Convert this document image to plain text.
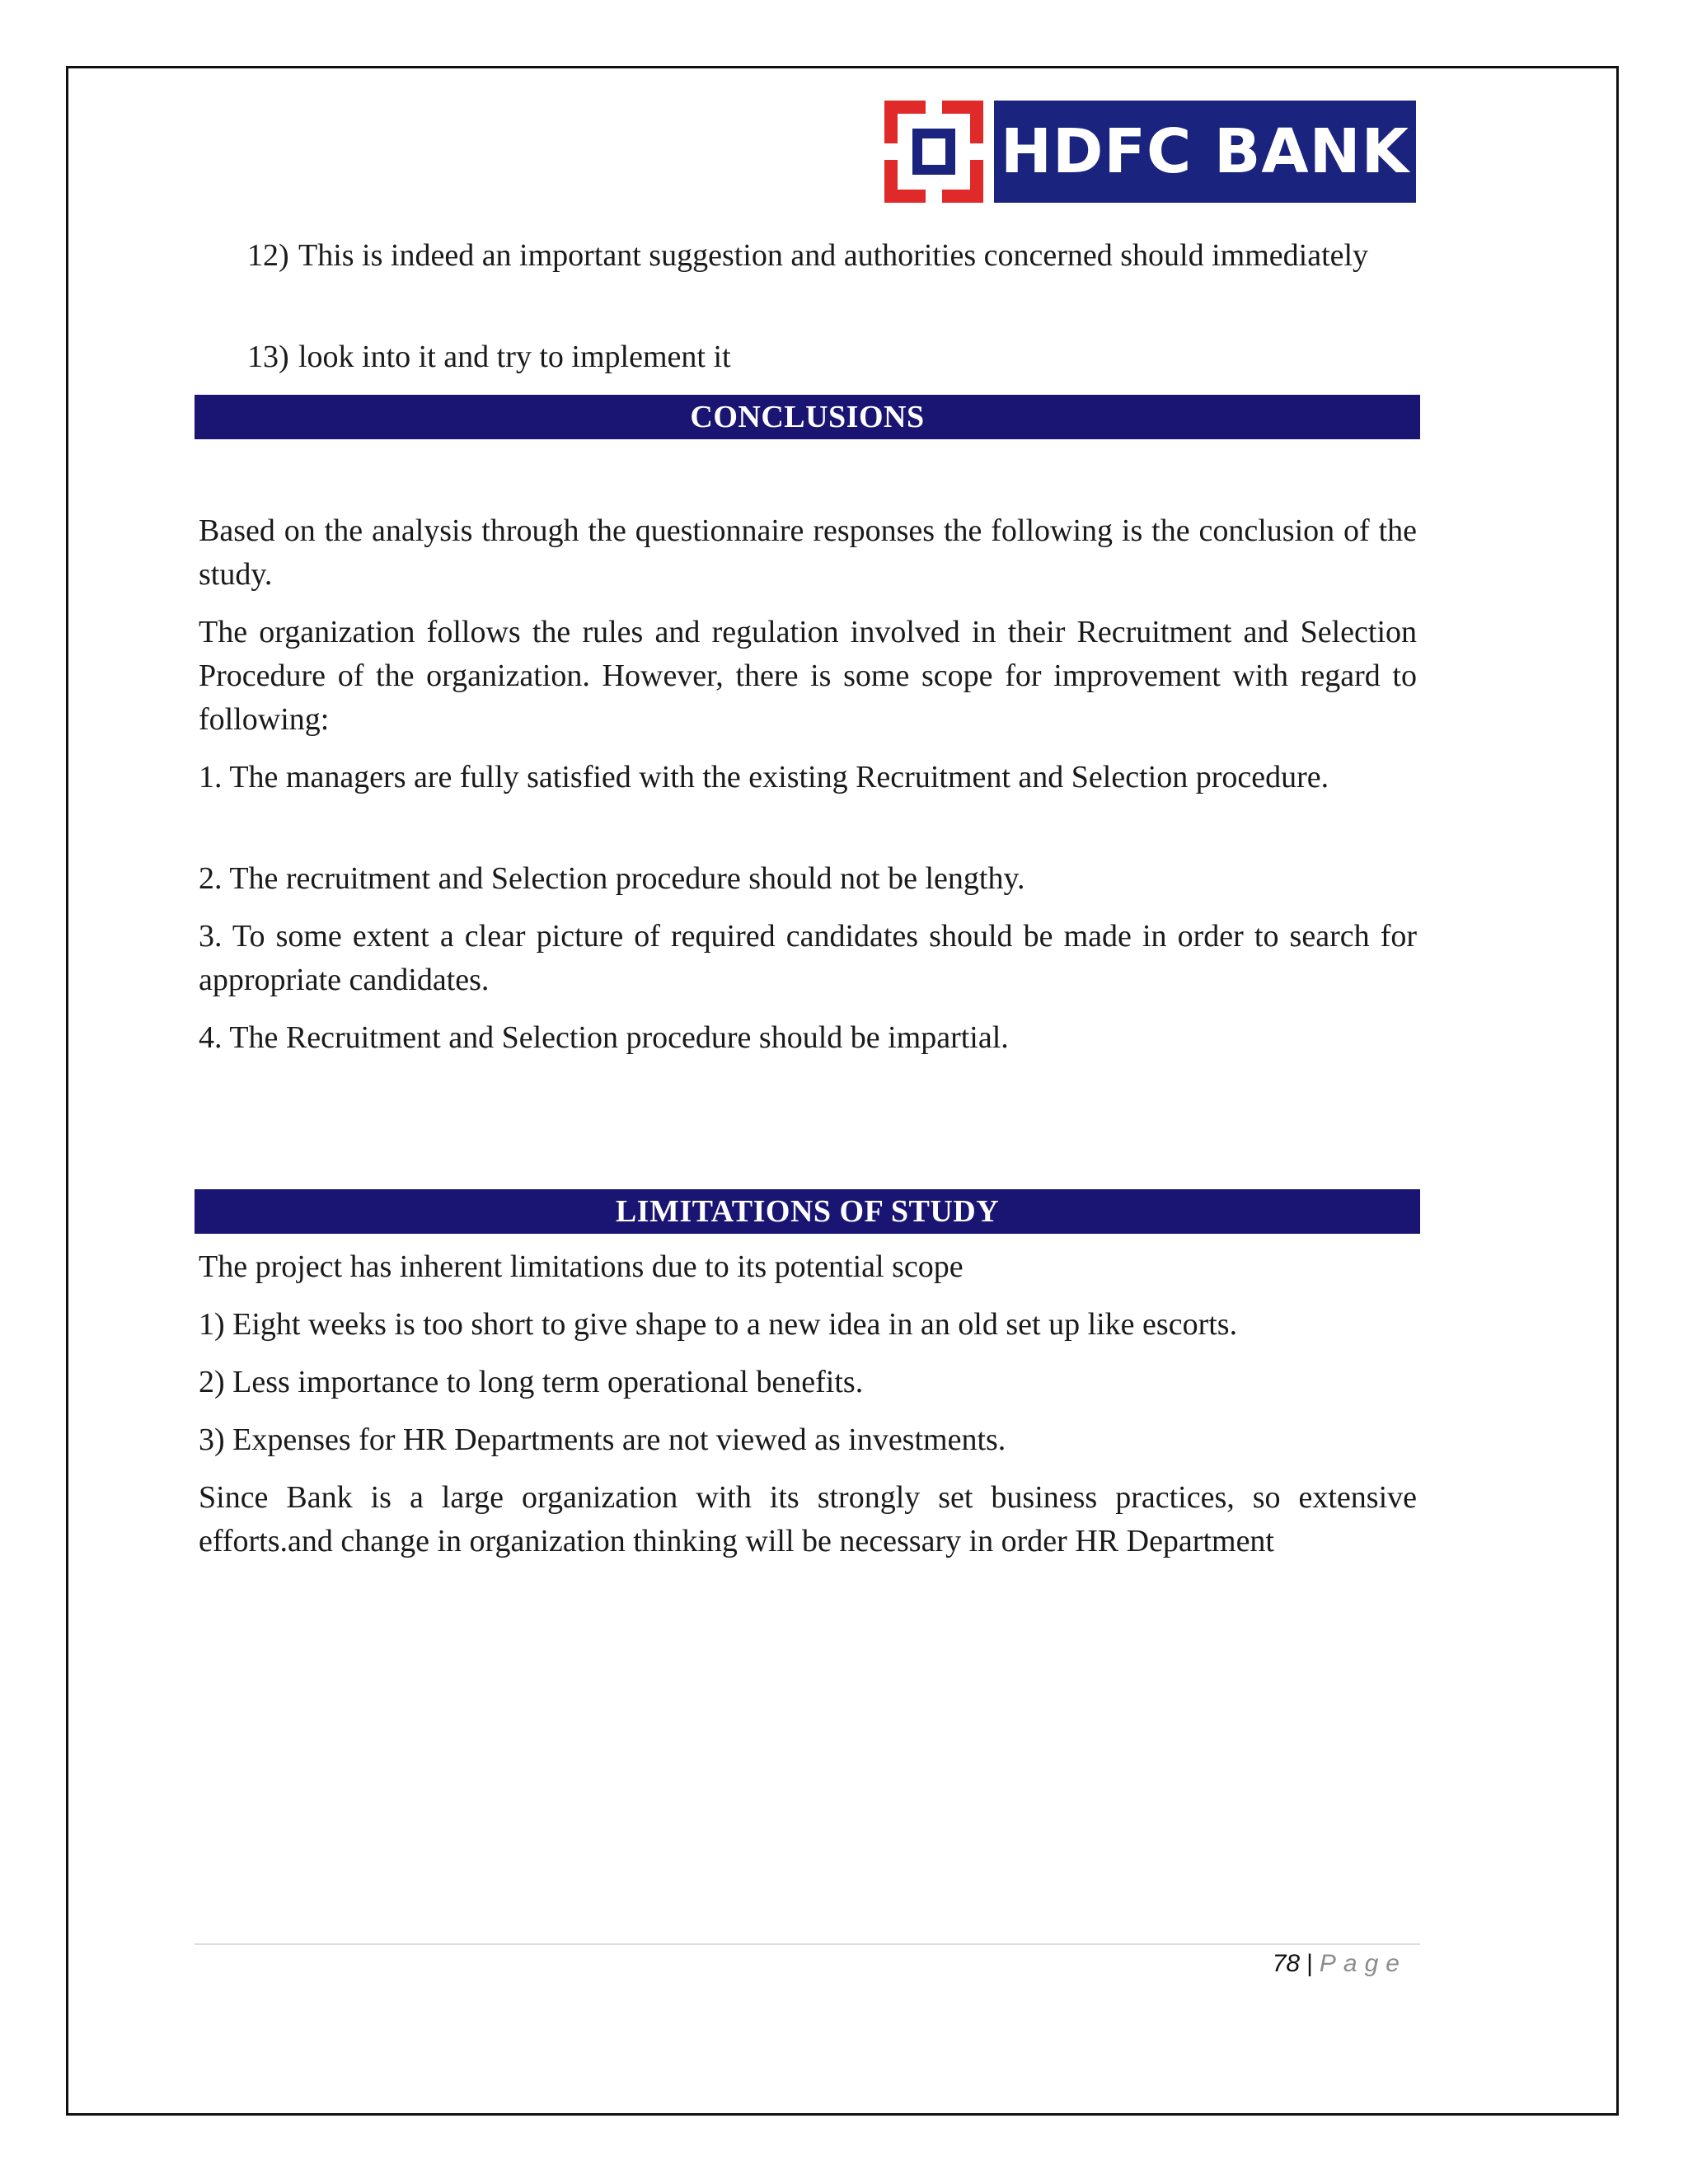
HDFC BANK
12) This is indeed an important suggestion and authorities concerned should immediately

13) look into it and try to implement it

CONCLUSIONS

Based on the analysis through the questionnaire responses the following is the conclusion of the study.

The organization follows the rules and regulation involved in their Recruitment and Selection Procedure of the organization. However, there is some scope for improvement with regard to following:

1. The managers are fully satisfied with the existing Recruitment and Selection procedure.

2. The recruitment and Selection procedure should not be lengthy.

3. To some extent a clear picture of required candidates should be made in order to search for appropriate candidates.

4. The Recruitment and Selection procedure should be impartial.

LIMITATIONS OF STUDY

The project has inherent limitations due to its potential scope

1) Eight weeks is too short to give shape to a new idea in an old set up like escorts.

2) Less importance to long term operational benefits.

3) Expenses for HR Departments are not viewed as investments.

Since Bank is a large organization with its strongly set business practices, so extensive efforts.and change in organization thinking will be necessary in order HR Department

78 | Page
